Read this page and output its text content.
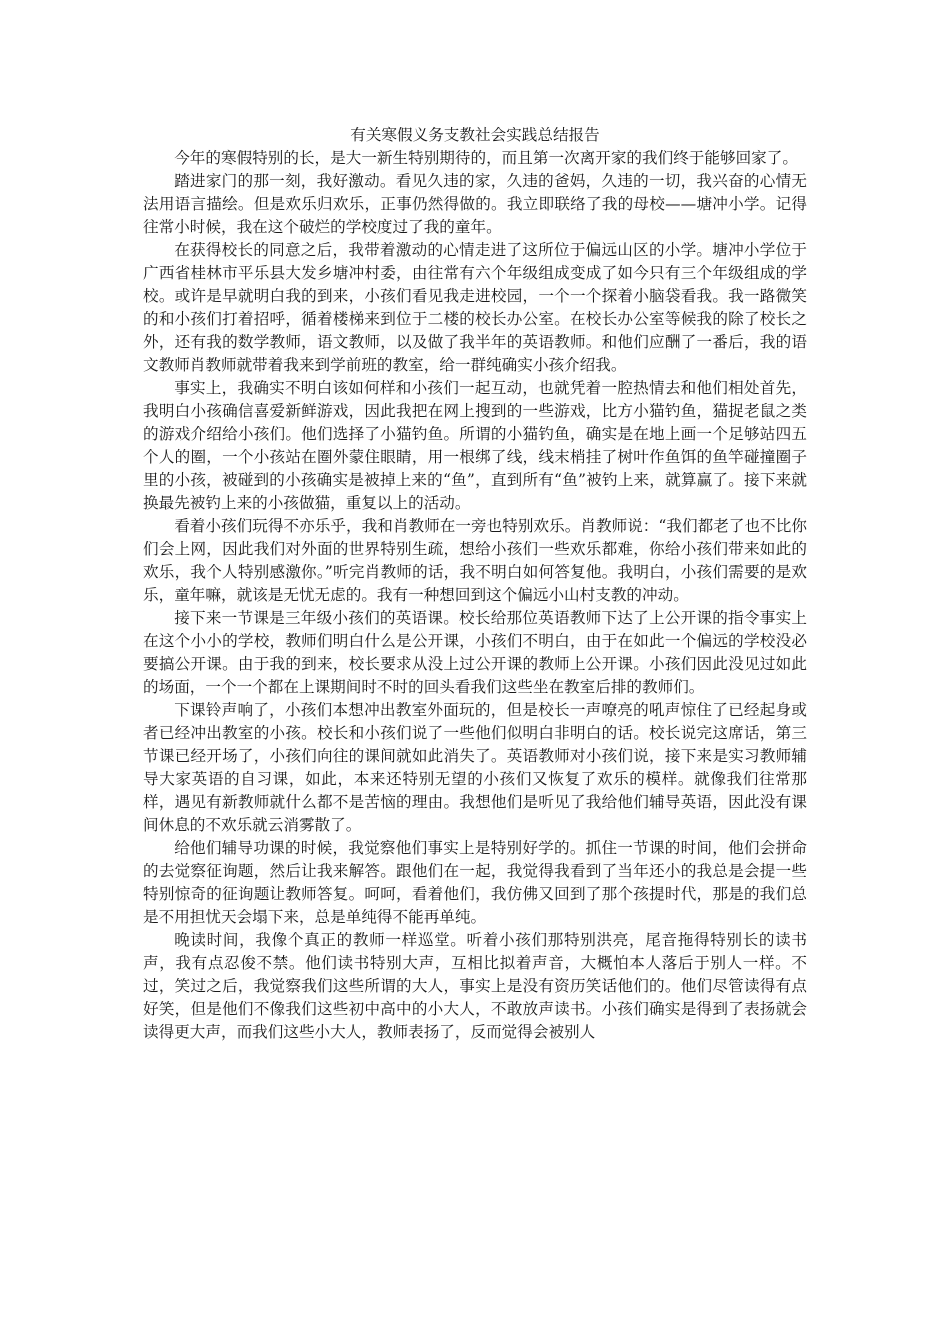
有关寒假义务支教社会实践总结报告

今年的寒假特别的长，是大一新生特别期待的，而且第一次离开家的我们终于能够回家了。

踏进家门的那一刻，我好激动。看见久违的家，久违的爸妈，久违的一切，我兴奋的心情无法用语言描绘。但是欢乐归欢乐，正事仍然得做的。我立即联络了我的母校——塘冲小学。记得往常小时候，我在这个破烂的学校度过了我的童年。

在获得校长的同意之后，我带着激动的心情走进了这所位于偏远山区的小学。塘冲小学位于广西省桂林市平乐县大发乡塘冲村委，由往常有六个年级组成变成了如今只有三个年级组成的学校。或许是早就明白我的到来，小孩们看见我走进校园，一个一个探着小脑袋看我。我一路微笑的和小孩们打着招呼，循着楼梯来到位于二楼的校长办公室。在校长办公室等候我的除了校长之外，还有我的数学教师，语文教师，以及做了我半年的英语教师。和他们应酬了一番后，我的语文教师肖教师就带着我来到学前班的教室，给一群纯确实小孩介绍我。

事实上，我确实不明白该如何样和小孩们一起互动，也就凭着一腔热情去和他们相处首先，我明白小孩确信喜爱新鲜游戏，因此我把在网上搜到的一些游戏，比方小猫钓鱼，猫捉老鼠之类的游戏介绍给小孩们。他们选择了小猫钓鱼。所谓的小猫钓鱼，确实是在地上画一个足够站四五个人的圈，一个小孩站在圈外蒙住眼睛，用一根绑了线，线末梢挂了树叶作鱼饵的鱼竿碰撞圈子里的小孩，被碰到的小孩确实是被掉上来的“鱼”，直到所有“鱼”被钓上来，就算赢了。接下来就换最先被钓上来的小孩做猫，重复以上的活动。

看着小孩们玩得不亦乐乎，我和肖教师在一旁也特别欢乐。肖教师说：“我们都老了也不比你们会上网，因此我们对外面的世界特别生疏，想给小孩们一些欢乐都难，你给小孩们带来如此的欢乐，我个人特别感激你。”听完肖教师的话，我不明白如何答复他。我明白，小孩们需要的是欢乐，童年嘛，就该是无忧无虑的。我有一种想回到这个偏远小山村支教的冲动。

接下来一节课是三年级小孩们的英语课。校长给那位英语教师下达了上公开课的指令事实上在这个小小的学校，教师们明白什么是公开课，小孩们不明白，由于在如此一个偏远的学校没必要搞公开课。由于我的到来，校长要求从没上过公开课的教师上公开课。小孩们因此没见过如此的场面，一个一个都在上课期间时不时的回头看我们这些坐在教室后排的教师们。

下课铃声响了，小孩们本想冲出教室外面玩的，但是校长一声嘹亮的吼声惊住了已经起身或者已经冲出教室的小孩。校长和小孩们说了一些他们似明白非明白的话。校长说完这席话，第三节课已经开场了，小孩们向往的课间就如此消失了。英语教师对小孩们说，接下来是实习教师辅导大家英语的自习课，如此，本来还特别无望的小孩们又恢复了欢乐的模样。就像我们往常那样，遇见有新教师就什么都不是苦恼的理由。我想他们是听见了我给他们辅导英语，因此没有课间休息的不欢乐就云消雾散了。

给他们辅导功课的时候，我觉察他们事实上是特别好学的。抓住一节课的时间，他们会拼命的去觉察征询题，然后让我来解答。跟他们在一起，我觉得我看到了当年还小的我总是会提一些特别惊奇的征询题让教师答复。呵呵，看着他们，我仿佛又回到了那个孩提时代，那是的我们总是不用担忧天会塌下来，总是单纯得不能再单纯。

晚读时间，我像个真正的教师一样巡堂。听着小孩们那特别洪亮，尾音拖得特别长的读书声，我有点忍俊不禁。他们读书特别大声，互相比拟着声音，大概怕本人落后于别人一样。不过，笑过之后，我觉察我们这些所谓的大人，事实上是没有资历笑话他们的。他们尽管读得有点好笑，但是他们不像我们这些初中高中的小大人，不敢放声读书。小孩们确实是得到了表扬就会读得更大声，而我们这些小大人，教师表扬了，反而觉得会被别人
